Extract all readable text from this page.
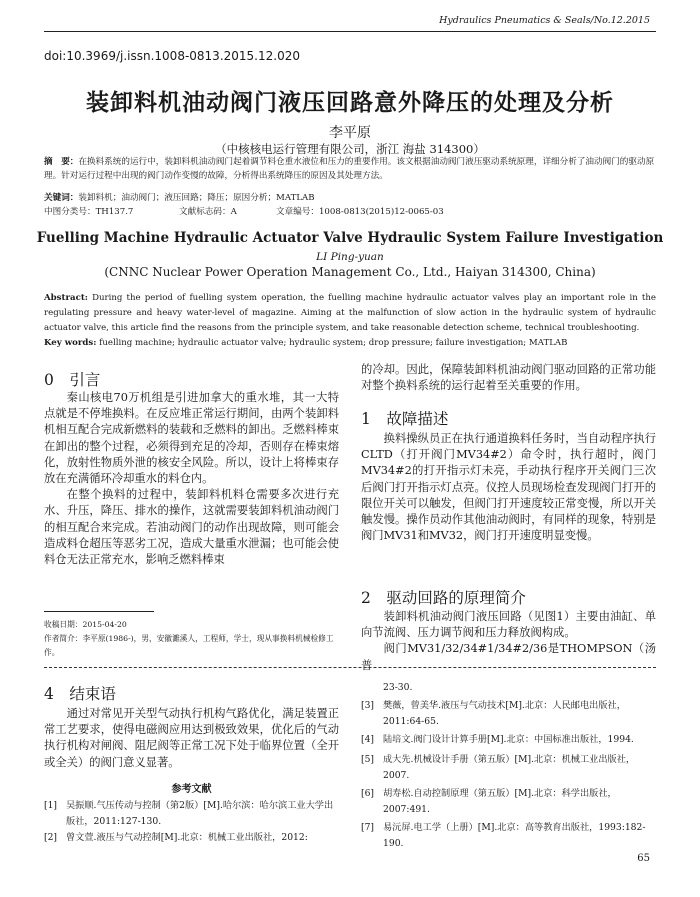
Hydraulics Pneumatics & Seals/No.12.2015
doi:10.3969/j.issn.1008-0813.2015.12.020
装卸料机油动阀门液压回路意外降压的处理及分析
李平原
（中核核电运行管理有限公司，浙江 海盐 314300）
摘　要：在换料系统的运行中，装卸料机油动阀门起着调节料仓重水液位和压力的重要作用。该文根据油动阀门液压驱动系统原理，详细分析了油动阀门的驱动原理。针对运行过程中出现的阀门动作变慢的故障，分析得出系统降压的原因及其处理方法。
关键词：装卸料机；油动阀门；液压回路；降压；原因分析；MATLAB
中图分类号：TH137.7	文献标志码：A	文章编号：1008-0813(2015)12-0065-03
Fuelling Machine Hydraulic Actuator Valve Hydraulic System Failure Investigation
LI Ping-yuan
(CNNC Nuclear Power Operation Management Co., Ltd., Haiyan 314300, China)
Abstract: During the period of fuelling system operation, the fuelling machine hydraulic actuator valves play an important role in the regulating pressure and heavy water-level of magazine. Aiming at the malfunction of slow action in the hydraulic system of hydraulic actuator valve, this article find the reasons from the principle system, and take reasonable detection scheme, technical troubleshooting.
Key words: fuelling machine; hydraulic actuator valve; hydraulic system; drop pressure; failure investigation; MATLAB
0　引言

秦山核电70万机组是引进加拿大的重水堆，其一大特点就是不停堆换料。在反应堆正常运行期间，由两个装卸料机相互配合完成新燃料的装载和乏燃料的卸出。乏燃料棒束在卸出的整个过程，必须得到充足的冷却，否则存在棒束熔化，放射性物质外泄的核安全风险。所以，设计上将棒束存放在充满循环冷却重水的料仓内。

在整个换料的过程中，装卸料机料仓需要多次进行充水、升压，降压、排水的操作，这就需要装卸料机油动阀门的相互配合来完成。若油动阀门的动作出现故障，则可能会造成料仓超压等恶劣工况，造成大量重水泄漏；也可能会使料仓无法正常充水，影响乏燃料棒束

收稿日期：2015-04-20
作者简介：李平原(1986-)，男，安徽濉溪人，工程师，学士，现从事换料机械检修工作。

的冷却。因此，保障装卸料机油动阀门驱动回路的正常功能对整个换料系统的运行起着至关重要的作用。

1　故障描述

换料操纵员正在执行通道换料任务时，当自动程序执行CLTD（打开阀门MV34#2）命令时，执行超时，阀门MV34#2的打开指示灯未亮，手动执行程序开关阀门三次后阀门打开指示灯点亮。仪控人员现场检查发现阀门打开的限位开关可以触发，但阀门打开速度较正常变慢，所以开关触发慢。操作员动作其他油动阀时，有同样的现象，特别是阀门MV31和MV32，阀门打开速度明显变慢。

2　驱动回路的原理简介

装卸料机油动阀门液压回路（见图1）主要由油缸、单向节流阀、压力调节阀和压力释放阀构成。

阀门MV31/32/34#1/34#2/36是THOMPSON（汤普

4　结束语

通过对常见开关型气动执行机构气路优化，满足装置正常工艺要求，使得电磁阀应用达到极致效果，优化后的气动执行机构对闸阀、阻尼阀等正常工况下处于临界位置（全开或全关）的阀门意义显著。

参考文献
[1] 吴振顺.气压传动与控制（第2版）[M].哈尔滨：哈尔滨工业大学出版社，2011:127-130.
[2] 曾文萱.液压与气动控制[M].北京：机械工业出版社，2012:
23-30.
[3] 樊薇，曾美华.液压与气动技术[M].北京：人民邮电出版社，2011:64-65.
[4] 陆培文.阀门设计计算手册[M].北京：中国标准出版社，1994.
[5] 成大先.机械设计手册（第五版）[M].北京：机械工业出版社，2007.
[6] 胡寿松.自动控制原理（第五版）[M].北京：科学出版社，2007:491.
[7] 易沅屏.电工学（上册）[M].北京：高等教育出版社，1993:182-190.
65
